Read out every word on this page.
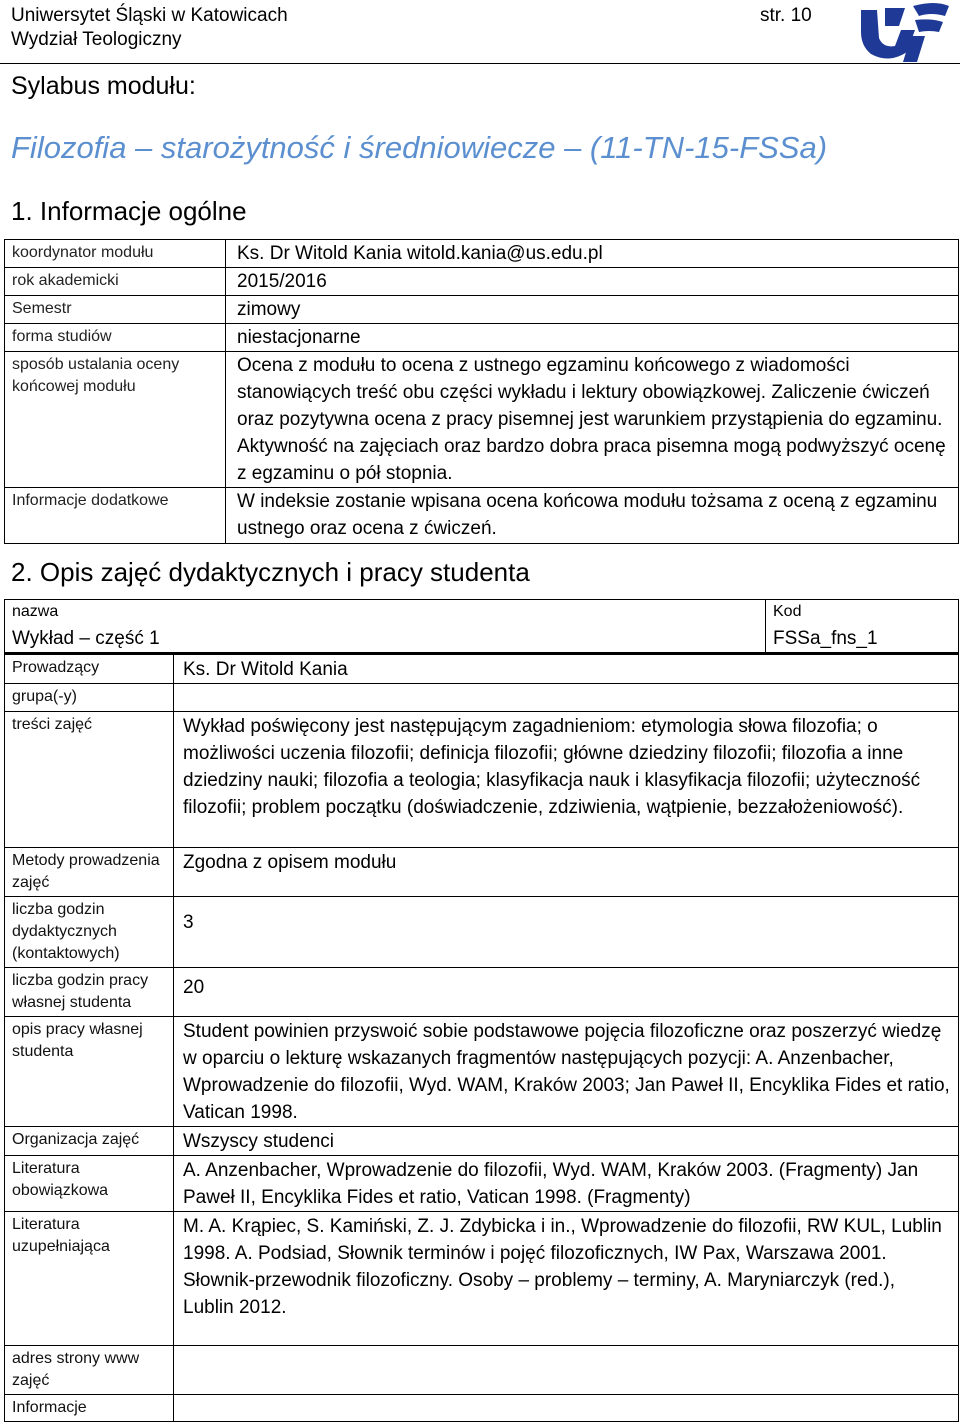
Uniwersytet Śląski w Katowicach
Wydział Teologiczny
str. 10
Sylabus modułu:
Filozofia – starożytność i średniowiecze – (11-TN-15-FSSa)
1. Informacje ogólne
koordynator modułu	Ks. Dr Witold Kania witold.kania@us.edu.pl
rok akademicki	2015/2016
Semestr	zimowy
forma studiów	niestacjonarne
sposób ustalania oceny końcowej modułu	Ocena z modułu to ocena z ustnego egzaminu końcowego z wiadomości stanowiących treść obu części wykładu i lektury obowiązkowej. Zaliczenie ćwiczeń oraz pozytywna ocena z pracy pisemnej jest warunkiem przystąpienia do egzaminu. Aktywność na zajęciach oraz bardzo dobra praca pisemna mogą podwyższyć ocenę z egzaminu o pół stopnia.
Informacje dodatkowe	W indeksie zostanie wpisana ocena końcowa modułu tożsama z oceną z egzaminu ustnego oraz ocena z ćwiczeń.
2. Opis zajęć dydaktycznych i pracy studenta
nazwa	Kod
Wykład – część 1	FSSa_fns_1
Prowadzący	Ks. Dr Witold Kania
grupa(-y)	
treści zajęć	Wykład poświęcony jest następującym zagadnieniom: etymologia słowa filozofia; o możliwości uczenia filozofii; definicja filozofii; główne dziedziny filozofii; filozofia a inne dziedziny nauki; filozofia a teologia; klasyfikacja nauk i klasyfikacja filozofii; użyteczność filozofii; problem początku (doświadczenie, zdziwienia, wątpienie, bezzałożeniowość).
Metody prowadzenia zajęć	Zgodna z opisem modułu
liczba godzin dydaktycznych (kontaktowych)	3
liczba godzin pracy własnej studenta	20
opis pracy własnej studenta	Student powinien przyswoić sobie podstawowe pojęcia filozoficzne oraz poszerzyć wiedzę w oparciu o lekturę wskazanych fragmentów następujących pozycji: A. Anzenbacher, Wprowadzenie do filozofii, Wyd. WAM, Kraków 2003; Jan Paweł II, Encyklika Fides et ratio, Vatican 1998.
Organizacja zajęć	Wszyscy studenci
Literatura obowiązkowa	A. Anzenbacher, Wprowadzenie do filozofii, Wyd. WAM, Kraków 2003. (Fragmenty) Jan Paweł II, Encyklika Fides et ratio, Vatican 1998. (Fragmenty)
Literatura uzupełniająca	M. A. Krąpiec, S. Kamiński, Z. J. Zdybicka i in., Wprowadzenie do filozofii, RW KUL, Lublin 1998. A. Podsiad, Słownik terminów i pojęć filozoficznych, IW Pax, Warszawa 2001. Słownik-przewodnik filozoficzny. Osoby – problemy – terminy, A. Maryniarczyk (red.), Lublin 2012.
adres strony www zajęć	
Informacje	
